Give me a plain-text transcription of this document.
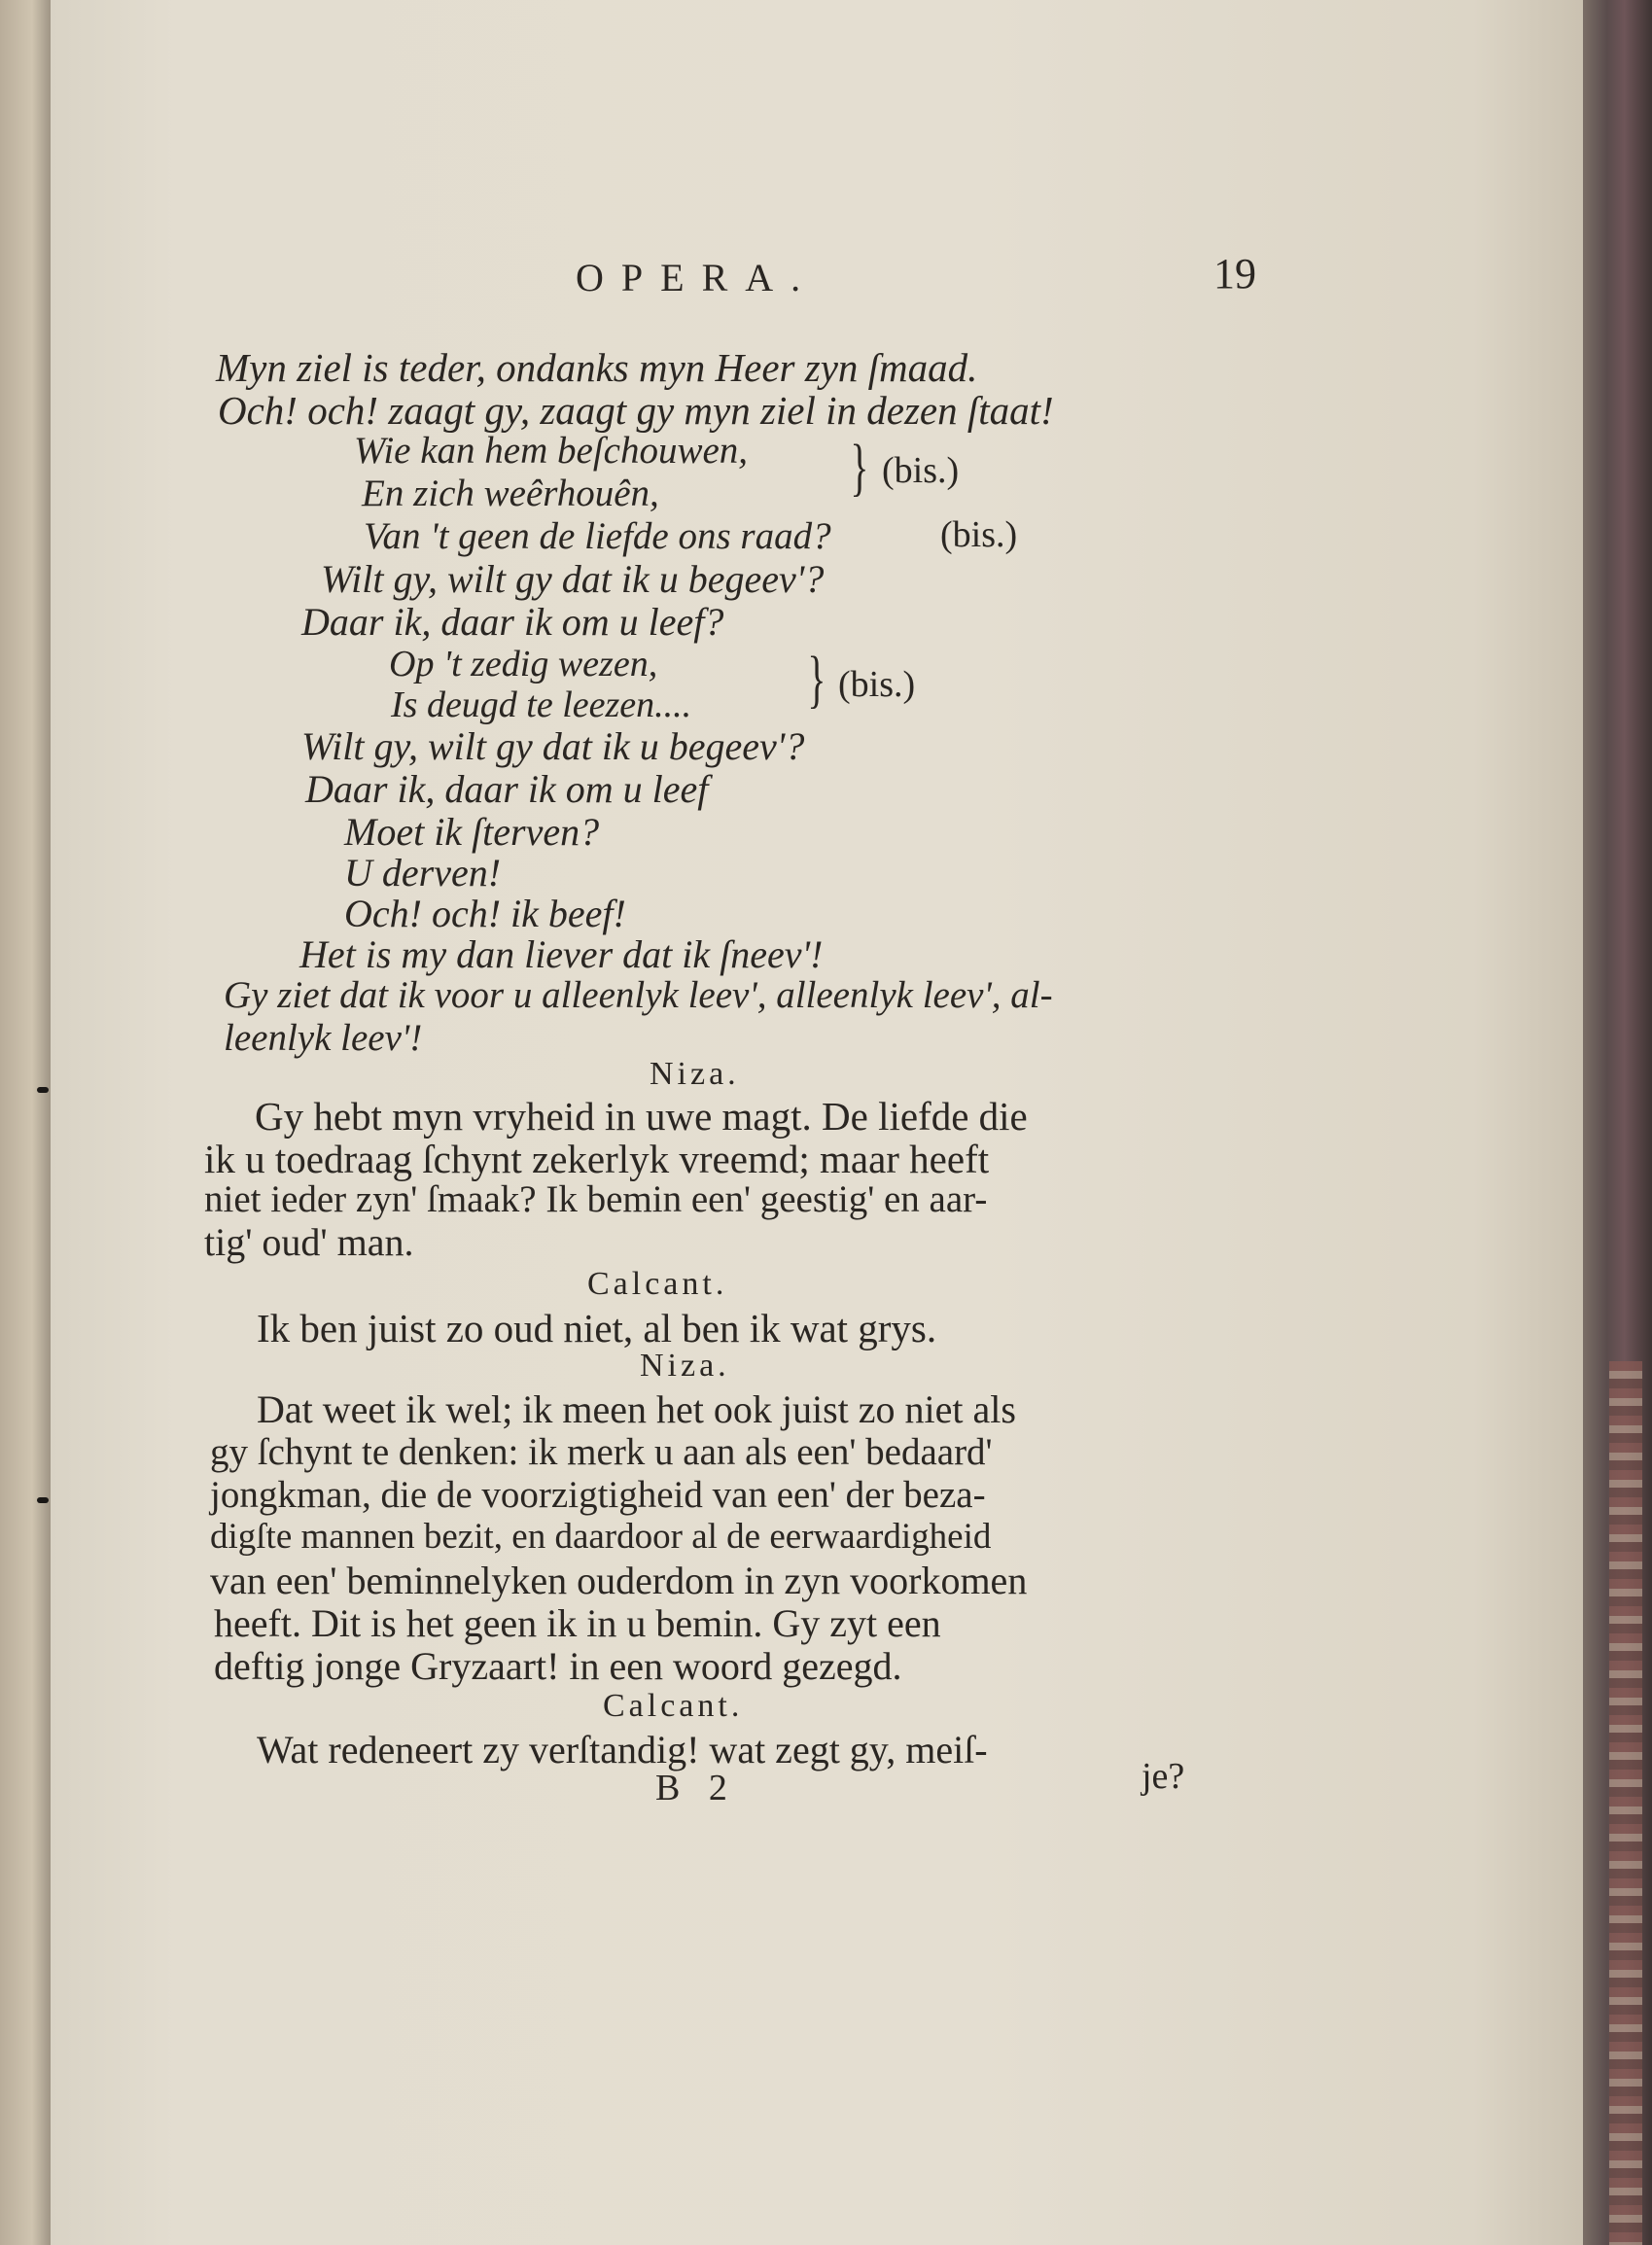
OPERA.	19
Myn ziel is teder, ondanks myn Heer zyn ſmaad.
Och! och! zaagt gy, zaagt gy myn ziel in dezen ſtaat!
Wie kan hem beſchouwen,
En zich weêrhouên,	} (bis.)
Van 't geen de liefde ons raad?	(bis.)
Wilt gy, wilt gy dat ik u begeev'?
Daar ik, daar ik om u leef?
Op 't zedig wezen,
Is deugd te leezen.... } (bis.)
Wilt gy, wilt gy dat ik u begeev'?
Daar ik, daar ik om u leef
Moet ik ſterven?
U derven!
Och! och! ik beef!
Het is my dan liever dat ik ſneev'!
Gy ziet dat ik voor u alleenlyk leev', alleenlyk leev', al-
leenlyk leev'!
Niza.
Gy hebt myn vryheid in uwe magt. De liefde die
ik u toedraag ſchynt zekerlyk vreemd; maar heeft
niet ieder zyn' ſmaak? Ik bemin een' geestig' en aar-
tig' oud' man.
Calcant.
Ik ben juist zo oud niet, al ben ik wat grys.
Niza.
Dat weet ik wel; ik meen het ook juist zo niet als
gy ſchynt te denken: ik merk u aan als een' bedaard'
jongkman, die de voorzigtigheid van een' der beza-
digſte mannen bezit, en daardoor al de eerwaardigheid
van een' beminnelyken ouderdom in zyn voorkomen
heeft. Dit is het geen ik in u bemin. Gy zyt een
deftig jonge Gryzaart! in een woord gezegd.
Calcant.
Wat redeneert zy verſtandig! wat zegt gy, meiſ-
B 2	je?
